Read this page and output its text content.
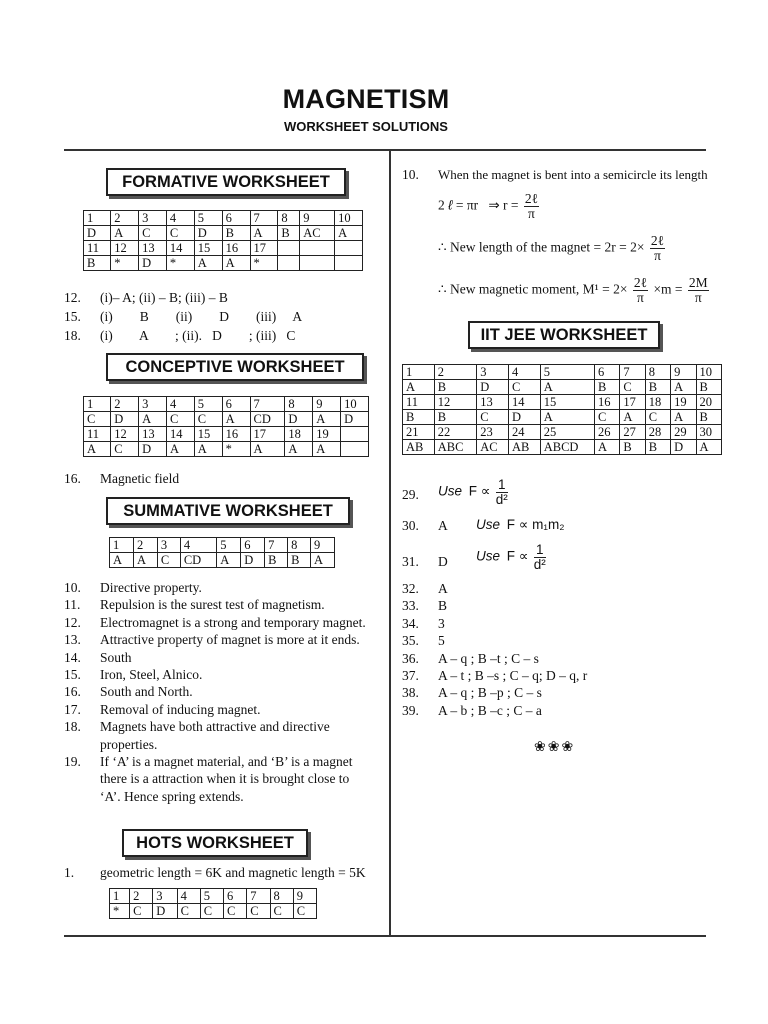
MAGNETISM
WORKSHEET SOLUTIONS
FORMATIVE WORKSHEET
1	2	3	4	5	6	7	8	9	10
D	A	C	C	D	B	A	B	AC	A
11	12	13	14	15	16	17			
B	*	D	*	A	A	*			
12. (i)– A; (ii) – B; (iii) – B
15. (i)        B        (ii)        D        (iii)     A
18. (i)        A        ; (ii).   D        ; (iii)   C
CONCEPTIVE WORKSHEET
1	2	3	4	5	6	7	8	9	10
C	D	A	C	C	A	CD	D	A	D
11	12	13	14	15	16	17	18	19	
A	C	D	A	A	*	A	A	A	
16. Magnetic field
SUMMATIVE WORKSHEET
1	2	3	4	5	6	7	8	9
A	A	C	CD	A	D	B	B	A
10. Directive property.
11. Repulsion is the surest test of magnetism.
12. Electromagnet is a strong and temporary magnet.
13. Attractive property of magnet is more at it ends.
14. South
15. Iron, Steel, Alnico.
16. South and North.
17. Removal of inducing magnet.
18. Magnets have both attractive and directive
properties.
19. If ‘A’ is a magnet material, and ‘B’ is a magnet
there is a attraction when it is brought close to
‘A’. Hence spring extends.
HOTS WORKSHEET
1. geometric length = 6K and magnetic length = 5K
1	2	3	4	5	6	7	8	9
*	C	D	C	C	C	C	C	C
10. When the magnet is bent into a semicircle its length
2 ℓ = πr ⇒ $r = \frac{\text{2ℓ}}{\pi}$
∴ New length of the magnet = $2r = 2\times \frac{\text{2ℓ}}{\pi}$
∴ New magnetic moment, $M^1 = 2\times \frac{\text{2ℓ}}{\pi} \times m = \frac{2M}{\pi}$
IIT JEE WORKSHEET
1	2	3	4	5	6	7	8	9	10
A	B	D	C	A	B	C	B	A	B
11	12	13	14	15	16	17	18	19	20
B	B	C	D	A	C	A	C	A	B
21	22	23	24	25	26	27	28	29	30
AB	ABC	AC	AB	ABCD	A	B	B	D	A
29. Use $F \propto \frac{1}{\text{d²}}$
30. A Use F ∝ m₁m₂
31. D Use $F \propto \frac{1}{\text{d²}}$
32. A
33. B
34. 3
35. 5
36. A – q ; B –t ; C – s
37. A – t ; B –s ; C – q; D – q, r
38. A – q ; B –p ; C – s
39. A – b ; B –c ; C – a
❀❀❀
